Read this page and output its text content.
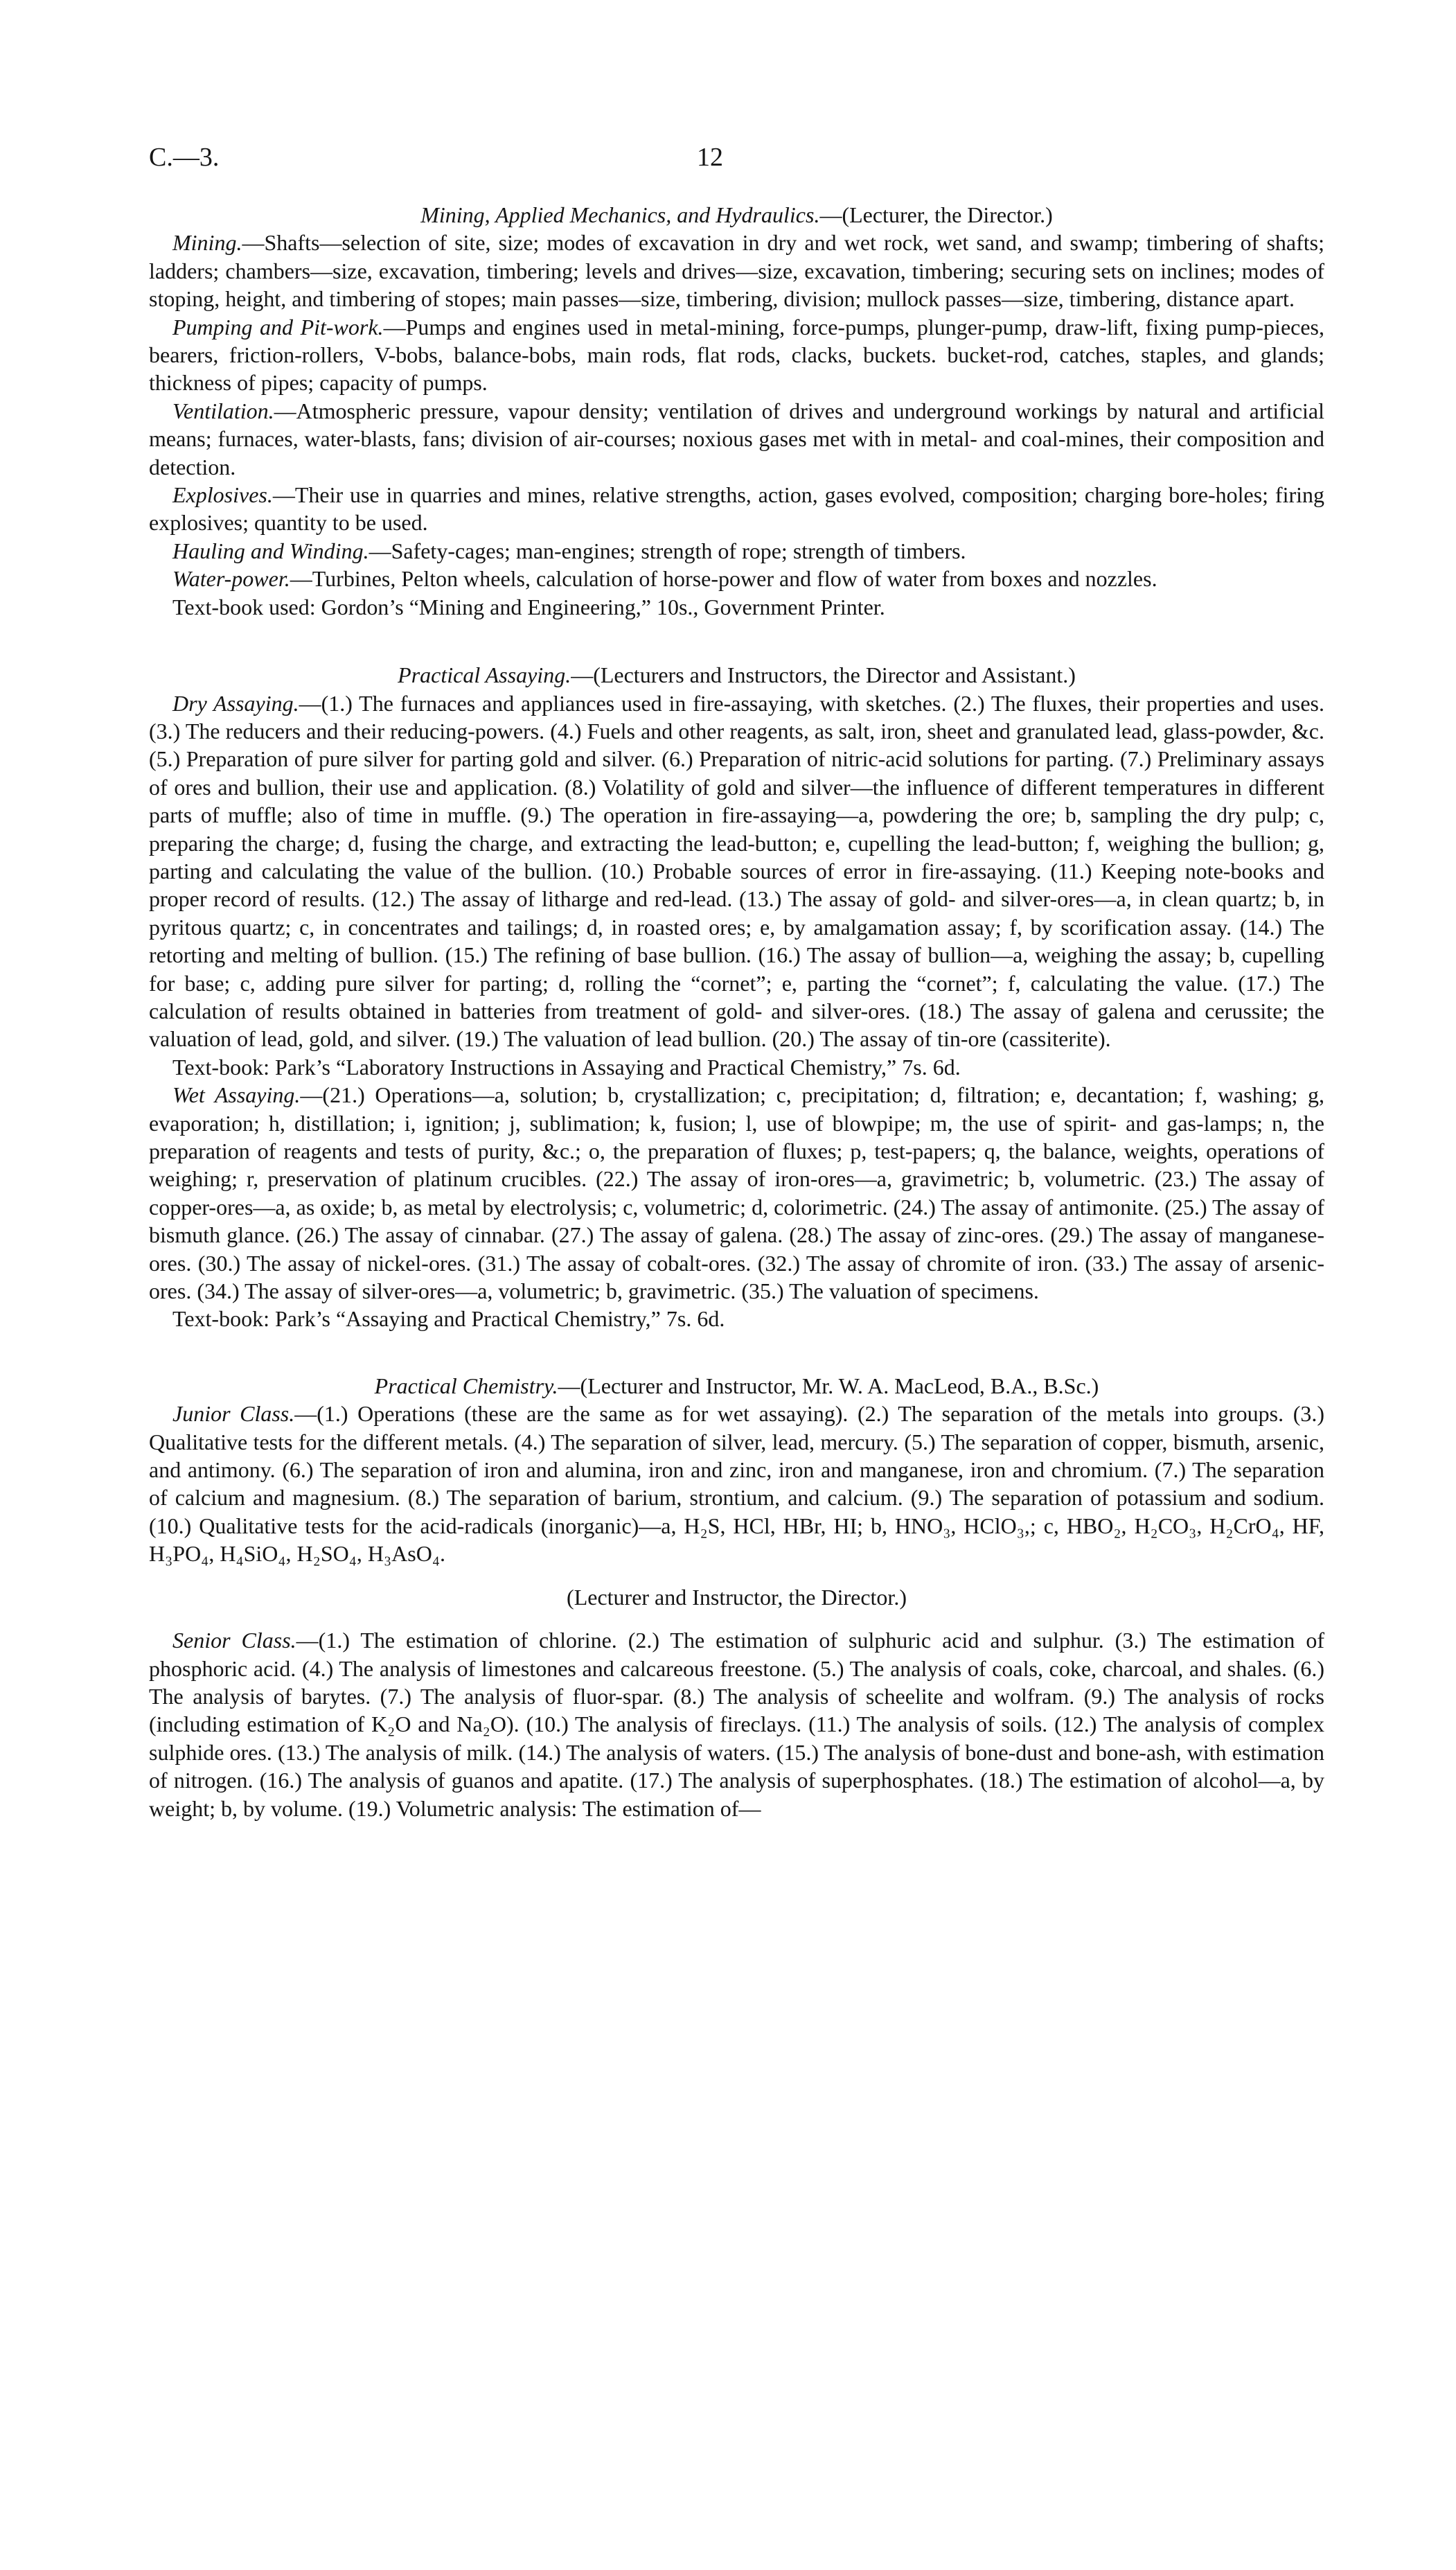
C.—3.	12

Mining, Applied Mechanics, and Hydraulics.—(Lecturer, the Director.)

Mining.—Shafts—selection of site, size; modes of excavation in dry and wet rock, wet sand, and swamp; timbering of shafts; ladders; chambers—size, excavation, timbering; levels and drives—size, excavation, timbering; securing sets on inclines; modes of stoping, height, and timbering of stopes; main passes—size, timbering, division; mullock passes—size, timbering, distance apart.

Pumping and Pit-work.—Pumps and engines used in metal-mining, force-pumps, plunger-pump, draw-lift, fixing pump-pieces, bearers, friction-rollers, V-bobs, balance-bobs, main rods, flat rods, clacks, buckets. bucket-rod, catches, staples, and glands; thickness of pipes; capacity of pumps.

Ventilation.—Atmospheric pressure, vapour density; ventilation of drives and underground workings by natural and artificial means; furnaces, water-blasts, fans; division of air-courses; noxious gases met with in metal- and coal-mines, their composition and detection.

Explosives.—Their use in quarries and mines, relative strengths, action, gases evolved, composition; charging bore-holes; firing explosives; quantity to be used.

Hauling and Winding.—Safety-cages; man-engines; strength of rope; strength of timbers.

Water-power.—Turbines, Pelton wheels, calculation of horse-power and flow of water from boxes and nozzles.

Text-book used: Gordon’s “Mining and Engineering,” 10s., Government Printer.

Practical Assaying.—(Lecturers and Instructors, the Director and Assistant.)

Dry Assaying.—(1.) The furnaces and appliances used in fire-assaying, with sketches. (2.) The fluxes, their properties and uses. (3.) The reducers and their reducing-powers. (4.) Fuels and other reagents, as salt, iron, sheet and granulated lead, glass-powder, &c. (5.) Preparation of pure silver for parting gold and silver. (6.) Preparation of nitric-acid solutions for parting. (7.) Preliminary assays of ores and bullion, their use and application. (8.) Volatility of gold and silver—the influence of different temperatures in different parts of muffle; also of time in muffle. (9.) The operation in fire-assaying—a, powdering the ore; b, sampling the dry pulp; c, preparing the charge; d, fusing the charge, and extracting the lead-button; e, cupelling the lead-button; f, weighing the bullion; g, parting and calculating the value of the bullion. (10.) Probable sources of error in fire-assaying. (11.) Keeping note-books and proper record of results. (12.) The assay of litharge and red-lead. (13.) The assay of gold- and silver-ores—a, in clean quartz; b, in pyritous quartz; c, in concentrates and tailings; d, in roasted ores; e, by amalgamation assay; f, by scorification assay. (14.) The retorting and melting of bullion. (15.) The refining of base bullion. (16.) The assay of bullion—a, weighing the assay; b, cupelling for base; c, adding pure silver for parting; d, rolling the “cornet”; e, parting the “cornet”; f, calculating the value. (17.) The calculation of results obtained in batteries from treatment of gold- and silver-ores. (18.) The assay of galena and cerussite; the valuation of lead, gold, and silver. (19.) The valuation of lead bullion. (20.) The assay of tin-ore (cassiterite).

Text-book: Park’s “Laboratory Instructions in Assaying and Practical Chemistry,” 7s. 6d.

Wet Assaying.—(21.) Operations—a, solution; b, crystallization; c, precipitation; d, filtration; e, decantation; f, washing; g, evaporation; h, distillation; i, ignition; j, sublimation; k, fusion; l, use of blowpipe; m, the use of spirit- and gas-lamps; n, the preparation of reagents and tests of purity, &c.; o, the preparation of fluxes; p, test-papers; q, the balance, weights, operations of weighing; r, preservation of platinum crucibles. (22.) The assay of iron-ores—a, gravimetric; b, volumetric. (23.) The assay of copper-ores—a, as oxide; b, as metal by electrolysis; c, volumetric; d, colorimetric. (24.) The assay of antimonite. (25.) The assay of bismuth glance. (26.) The assay of cinnabar. (27.) The assay of galena. (28.) The assay of zinc-ores. (29.) The assay of manganese-ores. (30.) The assay of nickel-ores. (31.) The assay of cobalt-ores. (32.) The assay of chromite of iron. (33.) The assay of arsenic-ores. (34.) The assay of silver-ores—a, volumetric; b, gravimetric. (35.) The valuation of specimens.

Text-book: Park’s “Assaying and Practical Chemistry,” 7s. 6d.

Practical Chemistry.—(Lecturer and Instructor, Mr. W. A. MacLeod, B.A., B.Sc.)

Junior Class.—(1.) Operations (these are the same as for wet assaying). (2.) The separation of the metals into groups. (3.) Qualitative tests for the different metals. (4.) The separation of silver, lead, mercury. (5.) The separation of copper, bismuth, arsenic, and antimony. (6.) The separation of iron and alumina, iron and zinc, iron and manganese, iron and chromium. (7.) The separation of calcium and magnesium. (8.) The separation of barium, strontium, and calcium. (9.) The separation of potassium and sodium. (10.) Qualitative tests for the acid-radicals (inorganic)—a, H₂S, HCl, HBr, HI; b, HNO₃, HClO₃,; c, HBO₂, H₂CO₃, H₂CrO₄, HF, H₃PO₄, H₄SiO₄, H₂SO₄, H₃AsO₄.

(Lecturer and Instructor, the Director.)

Senior Class.—(1.) The estimation of chlorine. (2.) The estimation of sulphuric acid and sulphur. (3.) The estimation of phosphoric acid. (4.) The analysis of limestones and calcareous freestone. (5.) The analysis of coals, coke, charcoal, and shales. (6.) The analysis of barytes. (7.) The analysis of fluor-spar. (8.) The analysis of scheelite and wolfram. (9.) The analysis of rocks (including estimation of K₂O and Na₂O). (10.) The analysis of fireclays. (11.) The analysis of soils. (12.) The analysis of complex sulphide ores. (13.) The analysis of milk. (14.) The analysis of waters. (15.) The analysis of bone-dust and bone-ash, with estimation of nitrogen. (16.) The analysis of guanos and apatite. (17.) The analysis of superphosphates. (18.) The estimation of alcohol—a, by weight; b, by volume. (19.) Volumetric analysis: The estimation of—
